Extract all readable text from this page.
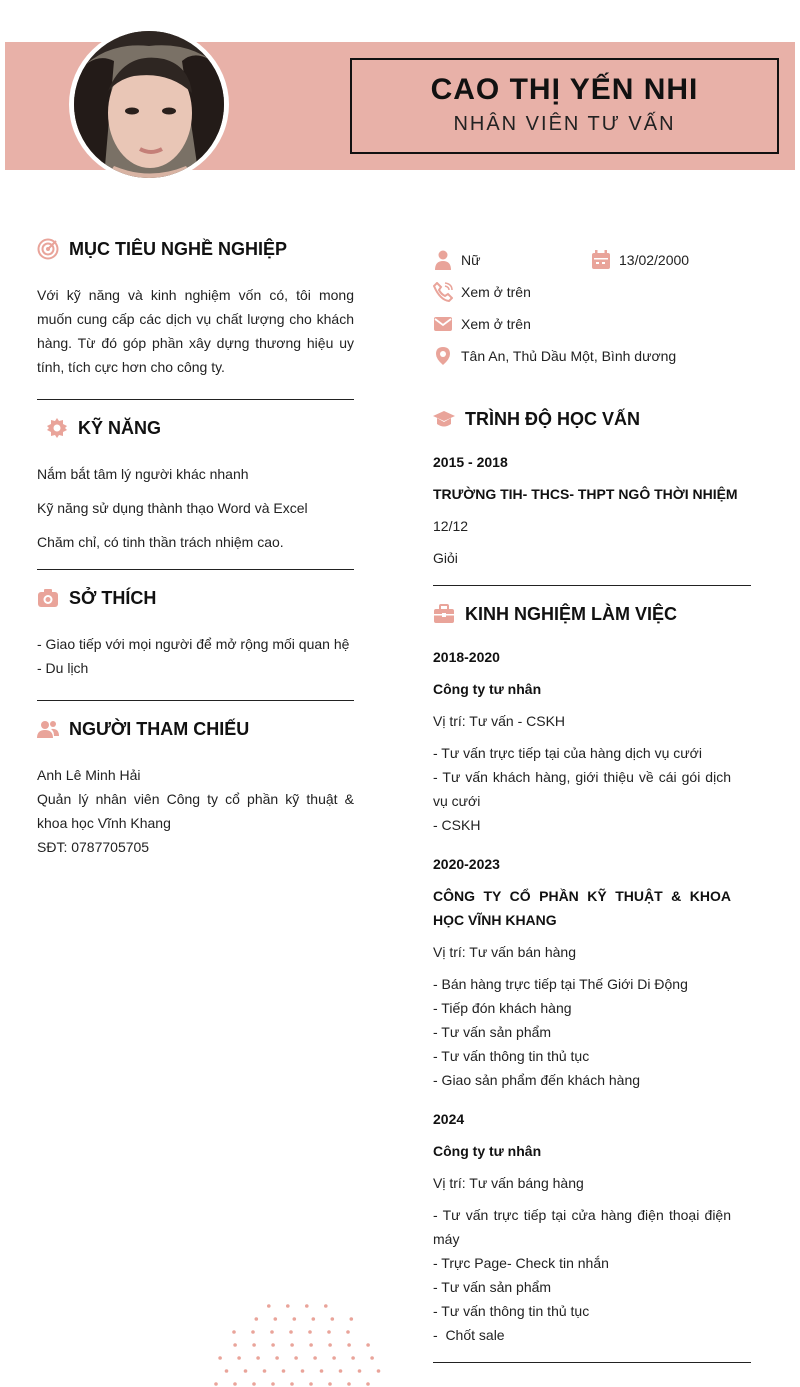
CAO THỊ YẾN NHI
NHÂN VIÊN TƯ VẤN
MỤC TIÊU NGHỀ NGHIỆP
Với kỹ năng và kinh nghiệm vốn có, tôi mong muốn cung cấp các dịch vụ chất lượng cho khách hàng. Từ đó góp phần xây dựng thương hiệu uy tính, tích cực hơn cho công ty.
KỸ NĂNG
Nắm bắt tâm lý người khác nhanh
Kỹ năng sử dụng thành thạo Word và Excel
Chăm chỉ, có tinh thần trách nhiệm cao.
SỞ THÍCH
- Giao tiếp với mọi người để mở rộng mối quan hệ
- Du lịch
NGƯỜI THAM CHIẾU
Anh Lê Minh Hải
Quản lý nhân viên Công ty cổ phần kỹ thuật & khoa học Vĩnh Khang
SĐT: 0787705705
Nữ	13/02/2000
Xem ở trên
Xem ở trên
Tân An, Thủ Dầu Một, Bình dương
TRÌNH ĐỘ HỌC VẤN
2015 - 2018
TRƯỜNG TIH- THCS- THPT NGÔ THỜI NHIỆM
12/12
Giỏi
KINH NGHIỆM LÀM VIỆC
2018-2020
Công ty tư nhân
Vị trí: Tư vấn - CSKH
- Tư vấn trực tiếp tại của hàng dịch vụ cưới
- Tư vấn khách hàng, giới thiệu về cái gói dịch vụ cưới
- CSKH
2020-2023
CÔNG TY CỔ PHẦN KỸ THUẬT & KHOA HỌC VĨNH KHANG
Vị trí: Tư vấn bán hàng
- Bán hàng trực tiếp tại Thế Giới Di Động
- Tiếp đón khách hàng
- Tư vấn sản phẩm
- Tư vấn thông tin thủ tục
- Giao sản phẩm đến khách hàng
2024
Công ty tư nhân
Vị trí: Tư vấn báng hàng
- Tư vấn trực tiếp tại cửa hàng điện thoại điện máy
- Trực Page- Check tin nhắn
- Tư vấn sản phẩm
- Tư vấn thông tin thủ tục
-  Chốt sale
